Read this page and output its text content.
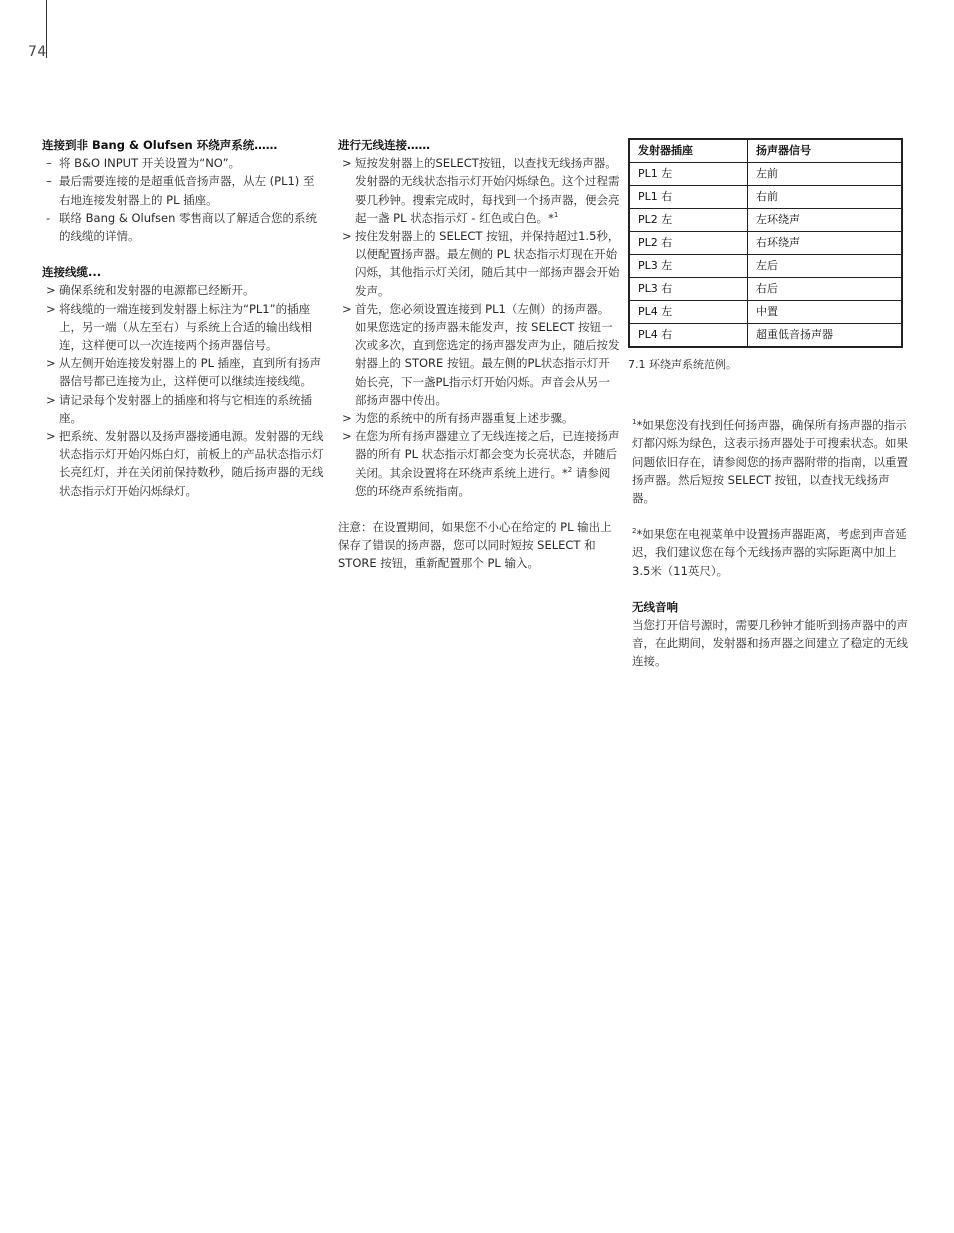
74

连接到非 Bang & Olufsen 环绕声系统……

– 将 B&O INPUT 开关设置为“NO”。
– 最后需要连接的是超重低音扬声器，从左 (PL1) 至右地连接发射器上的 PL 插座。
- 联络 Bang & Olufsen 零售商以了解适合您的系统的线缆的详情。

连接线缆...

> 确保系统和发射器的电源都已经断开。
> 将线缆的一端连接到发射器上标注为“PL1”的插座上，另一端（从左至右）与系统上合适的输出线相连，这样便可以一次连接两个扬声器信号。
> 从左侧开始连接发射器上的 PL 插座，直到所有扬声器信号都已连接为止，这样便可以继续连接线缆。
> 请记录每个发射器上的插座和将与它相连的系统插座。
> 把系统、发射器以及扬声器接通电源。发射器的无线状态指示灯开始闪烁白灯，前板上的产品状态指示灯长亮红灯，并在关闭前保持数秒，随后扬声器的无线状态指示灯开始闪烁绿灯。

进行无线连接……

> 短按发射器上的SELECT按钮，以查找无线扬声器。发射器的无线状态指示灯开始闪烁绿色。这个过程需要几秒钟。搜索完成时，每找到一个扬声器，便会亮起一盏 PL 状态指示灯 - 红色或白色。*$^1$
> 按住发射器上的 SELECT 按钮，并保持超过1.5秒，以便配置扬声器。最左侧的 PL 状态指示灯现在开始闪烁，其他指示灯关闭，随后其中一部扬声器会开始发声。
> 首先，您必须设置连接到 PL1（左侧）的扬声器。如果您选定的扬声器未能发声，按 SELECT 按钮一次或多次，直到您选定的扬声器发声为止，随后按发射器上的 STORE 按钮。最左侧的PL状态指示灯开始长亮，下一盏PL指示灯开始闪烁。声音会从另一部扬声器中传出。
> 为您的系统中的所有扬声器重复上述步骤。
> 在您为所有扬声器建立了无线连接之后，已连接扬声器的所有 PL 状态指示灯都会变为长亮状态，并随后关闭。其余设置将在环绕声系统上进行。*$^2$ 请参阅您的环绕声系统指南。

注意：在设置期间，如果您不小心在给定的 PL 输出上保存了错误的扬声器，您可以同时短按 SELECT 和 STORE 按钮，重新配置那个 PL 输入。

发射器插座	扬声器信号
PL1 左	左前
PL1 右	右前
PL2 左	左环绕声
PL2 右	右环绕声
PL3 左	左后
PL3 右	右后
PL4 左	中置
PL4 右	超重低音扬声器
7.1 环绕声系统范例。

$^1$*如果您没有找到任何扬声器，确保所有扬声器的指示灯都闪烁为绿色，这表示扬声器处于可搜索状态。如果问题依旧存在，请参阅您的扬声器附带的指南，以重置扬声器。然后短按 SELECT 按钮，以查找无线扬声器。

$^2$*如果您在电视菜单中设置扬声器距离，考虑到声音延迟，我们建议您在每个无线扬声器的实际距离中加上3.5米（11英尺）。

无线音响

当您打开信号源时，需要几秒钟才能听到扬声器中的声音，在此期间，发射器和扬声器之间建立了稳定的无线连接。
